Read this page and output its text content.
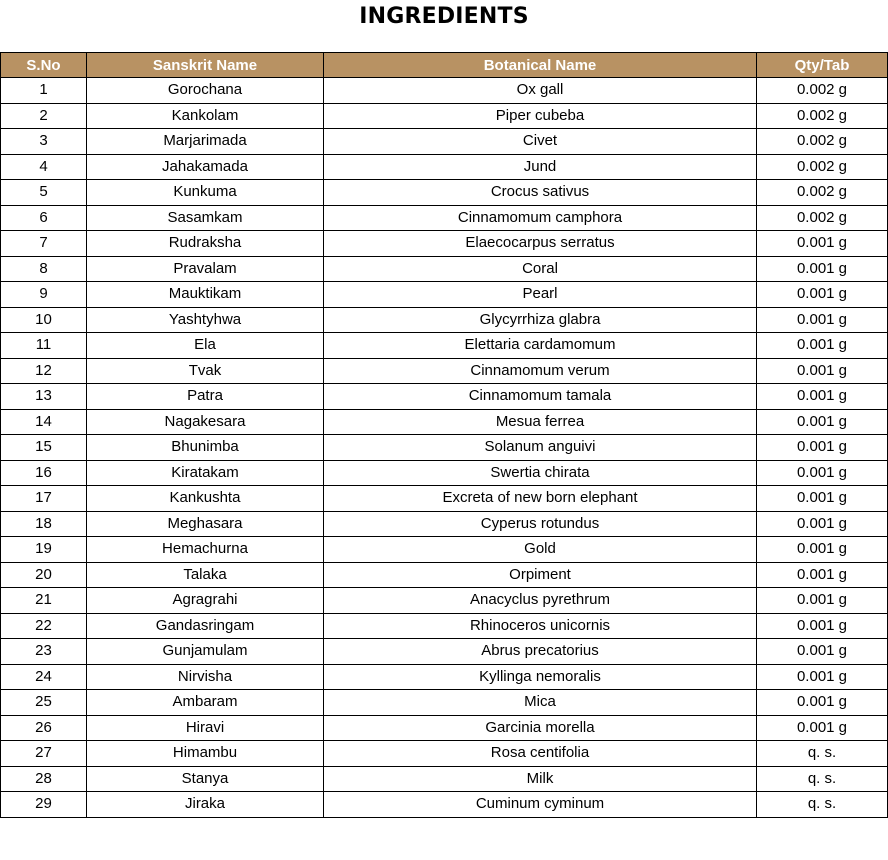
INGREDIENTS
S.No	Sanskrit Name	Botanical Name	Qty/Tab
1	Gorochana	Ox gall	0.002 g
2	Kankolam	Piper cubeba	0.002 g
3	Marjarimada	Civet	0.002 g
4	Jahakamada	Jund	0.002 g
5	Kunkuma	Crocus sativus	0.002 g
6	Sasamkam	Cinnamomum camphora	0.002 g
7	Rudraksha	Elaecocarpus serratus	0.001 g
8	Pravalam	Coral	0.001 g
9	Mauktikam	Pearl	0.001 g
10	Yashtyhwa	Glycyrrhiza glabra	0.001 g
11	Ela	Elettaria cardamomum	0.001 g
12	Tvak	Cinnamomum verum	0.001 g
13	Patra	Cinnamomum tamala	0.001 g
14	Nagakesara	Mesua ferrea	0.001 g
15	Bhunimba	Solanum anguivi	0.001 g
16	Kiratakam	Swertia chirata	0.001 g
17	Kankushta	Excreta of new born elephant	0.001 g
18	Meghasara	Cyperus rotundus	0.001 g
19	Hemachurna	Gold	0.001 g
20	Talaka	Orpiment	0.001 g
21	Agragrahi	Anacyclus pyrethrum	0.001 g
22	Gandasringam	Rhinoceros unicornis	0.001 g
23	Gunjamulam	Abrus precatorius	0.001 g
24	Nirvisha	Kyllinga nemoralis	0.001 g
25	Ambaram	Mica	0.001 g
26	Hiravi	Garcinia morella	0.001 g
27	Himambu	Rosa centifolia	q. s.
28	Stanya	Milk	q. s.
29	Jiraka	Cuminum cyminum	q. s.
